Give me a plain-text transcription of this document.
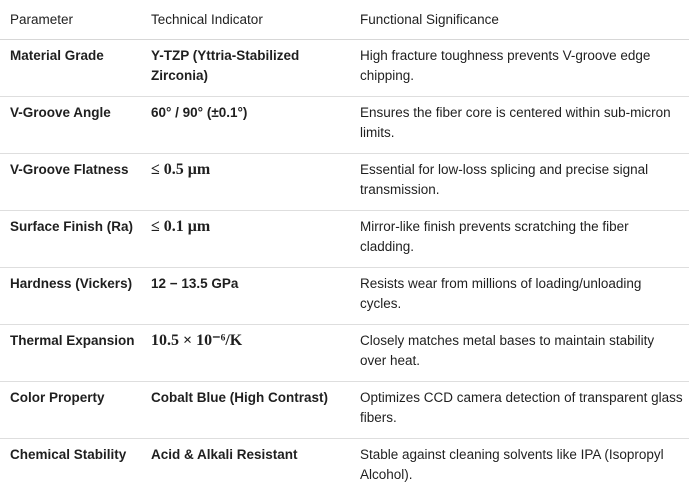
Parameter	Technical Indicator	Functional Significance
Material Grade	Y-TZP (Yttria-Stabilized Zirconia)	High fracture toughness prevents V-groove edge chipping.
V-Groove Angle	60° / 90° (±0.1°)	Ensures the fiber core is centered within sub-micron limits.
V-Groove Flatness	≤ 0.5 μm	Essential for low-loss splicing and precise signal transmission.
Surface Finish (Ra)	≤ 0.1 μm	Mirror-like finish prevents scratching the fiber cladding.
Hardness (Vickers)	12 − 13.5 GPa	Resists wear from millions of loading/unloading cycles.
Thermal Expansion	10.5 × 10⁻⁶/K	Closely matches metal bases to maintain stability over heat.
Color Property	Cobalt Blue (High Contrast)	Optimizes CCD camera detection of transparent glass fibers.
Chemical Stability	Acid & Alkali Resistant	Stable against cleaning solvents like IPA (Isopropyl Alcohol).
